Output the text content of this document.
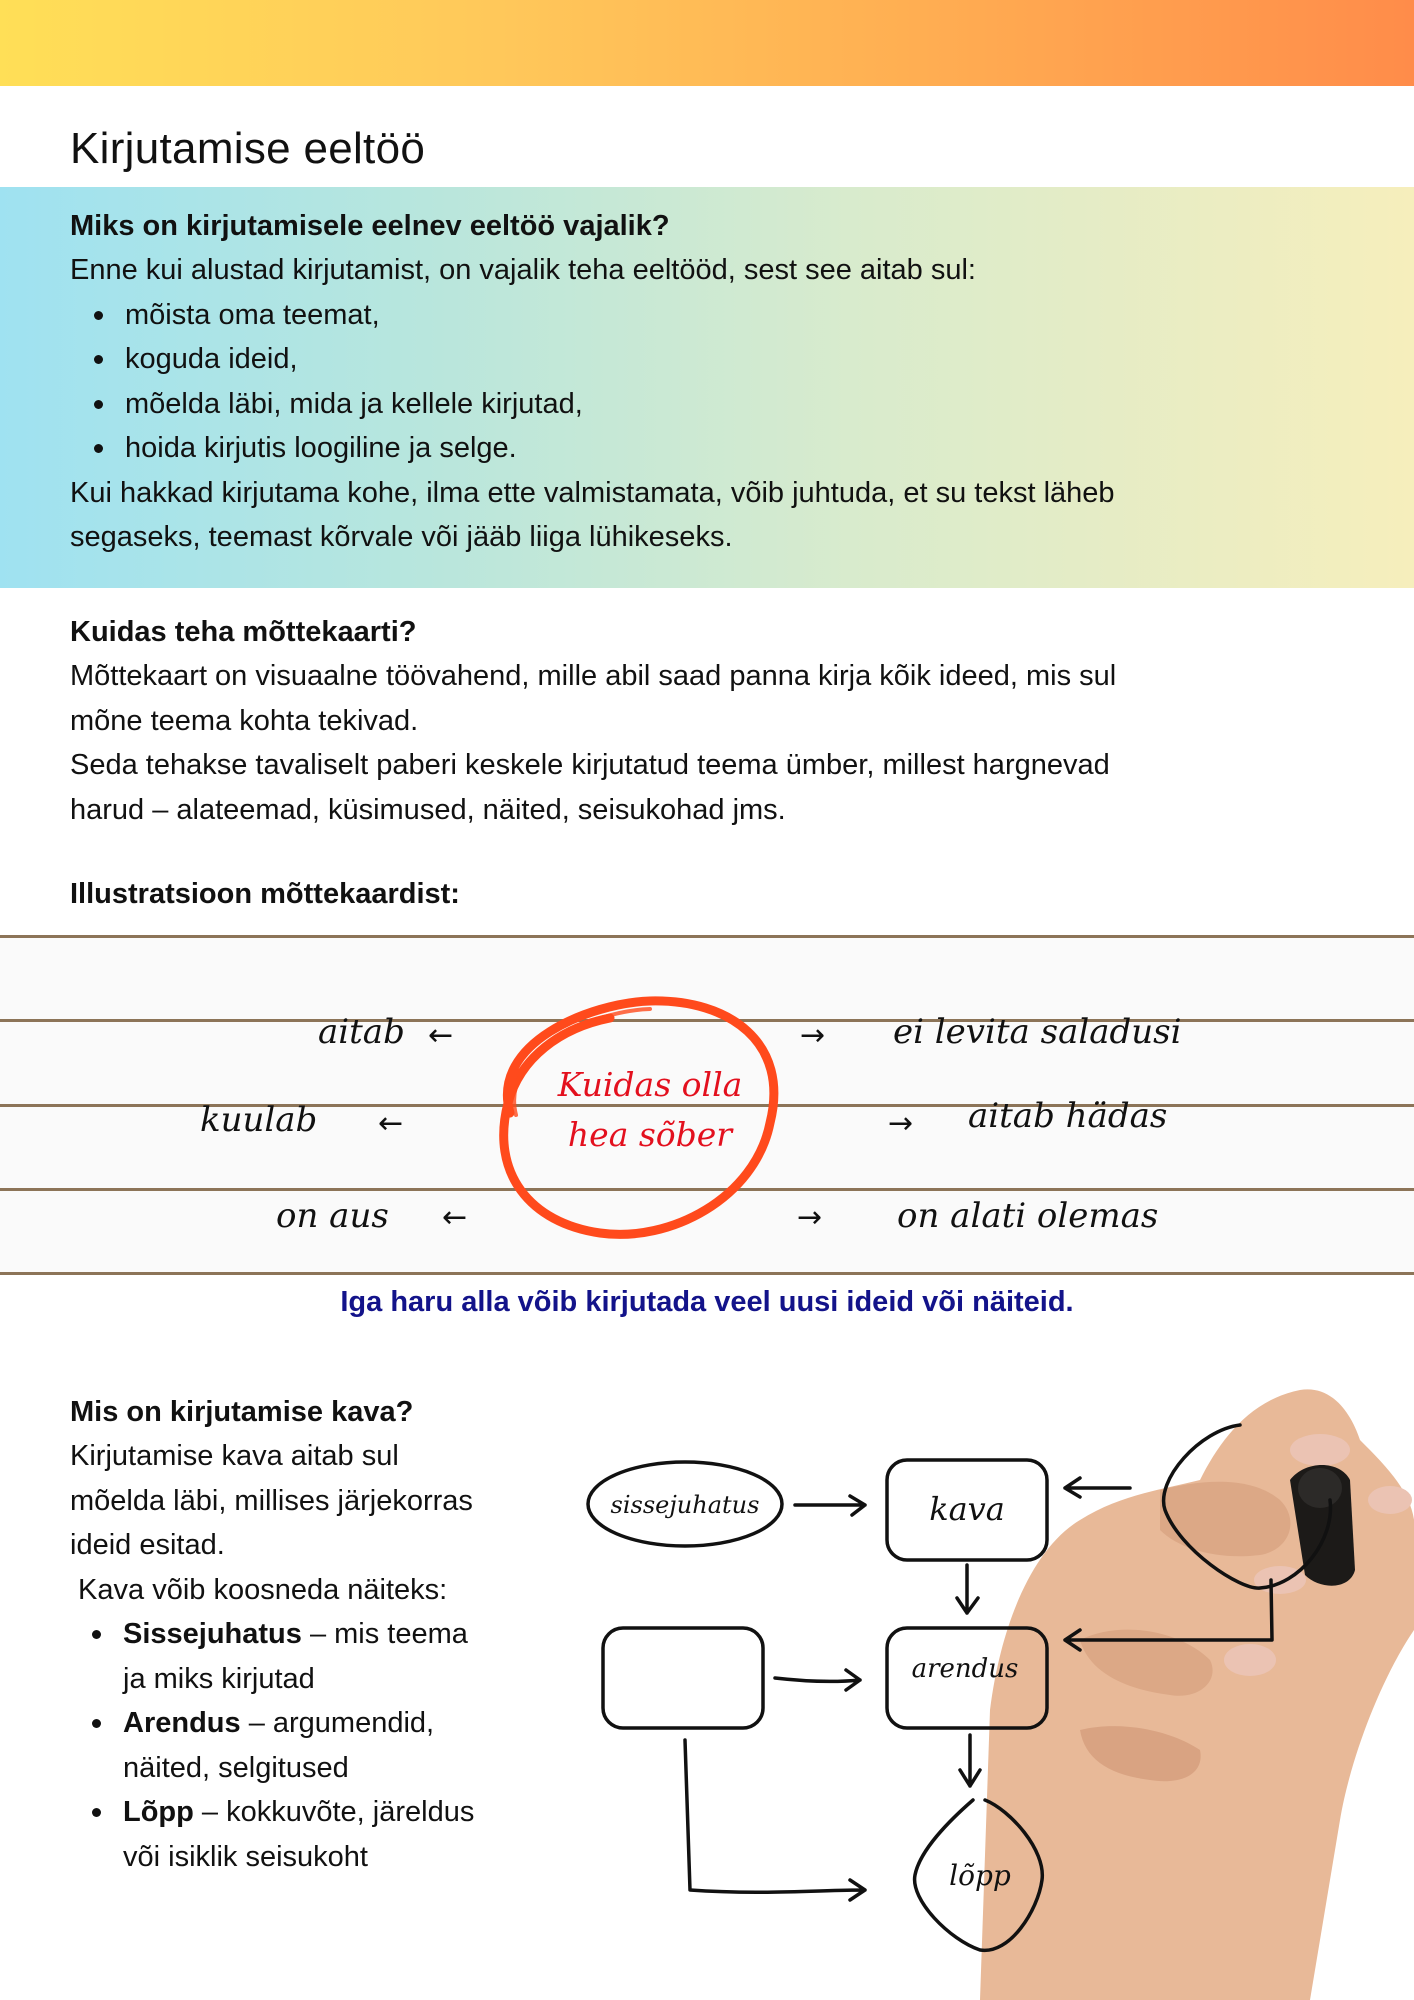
Kirjutamise eeltöö
Miks on kirjutamisele eelnev eeltöö vajalik?
Enne kui alustad kirjutamist, on vajalik teha eeltööd, sest see aitab sul:
mõista oma teemat,
koguda ideid,
mõelda läbi, mida ja kellele kirjutad,
hoida kirjutis loogiline ja selge.
Kui hakkad kirjutama kohe, ilma ette valmistamata, võib juhtuda, et su tekst läheb
segaseks, teemast kõrvale või jääb liiga lühikeseks.
Kuidas teha mõttekaarti?
Mõttekaart on visuaalne töövahend, mille abil saad panna kirja kõik ideed, mis sul
mõne teema kohta tekivad.
Seda tehakse tavaliselt paberi keskele kirjutatud teema ümber, millest hargnevad
harud – alateemad, küsimused, näited, seisukohad jms.
Illustratsioon mõttekaardist:
aitab ←
kuulab ←
on aus ←
→ ei levita saladusi
→ aitab hädas
→ on alati olemas
Kuidas olla
hea sõber
Iga haru alla võib kirjutada veel uusi ideid või näiteid.
Mis on kirjutamise kava?
Kirjutamise kava aitab sul
mõelda läbi, millises järjekorras
ideid esitad.
Kava võib koosneda näiteks:
Sissejuhatus – mis teema
ja miks kirjutad
Arendus – argumendid,
näited, selgitused
Lõpp – kokkuvõte, järeldus
või isiklik seisukoht
sissejuhatus	kava
arendus
lõpp
